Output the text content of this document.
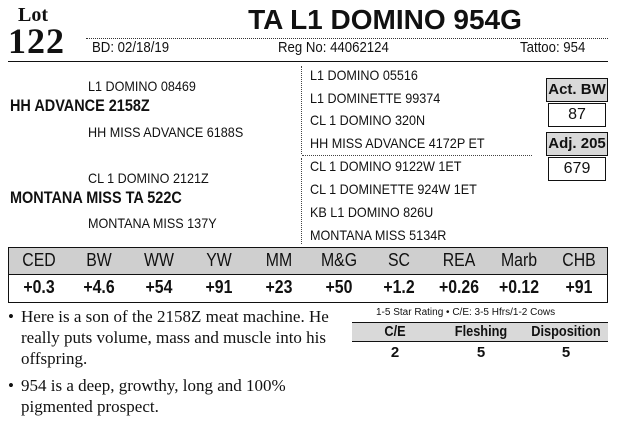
Lot
122
TA L1 DOMINO 954G
BD: 02/18/19	Reg No: 44062124	Tattoo: 954
L1 DOMINO 08469
HH ADVANCE 2158Z
HH MISS ADVANCE 6188S
L1 DOMINO 05516
L1 DOMINETTE 99374
CL 1 DOMINO 320N
HH MISS ADVANCE 4172P ET
CL 1 DOMINO 2121Z
MONTANA MISS TA 522C
MONTANA MISS 137Y
CL 1 DOMINO 9122W 1ET
CL 1 DOMINETTE 924W 1ET
KB L1 DOMINO 826U
MONTANA MISS 5134R
Act. BW
87
Adj. 205
679
CED	BW	WW	YW	MM	M&G	SC	REA	Marb	CHB
+0.3	+4.6	+54	+91	+23	+50	+1.2	+0.26	+0.12	+91
• Here is a son of the 2158Z meat machine. He really puts volume, mass and muscle into his offspring.
• 954 is a deep, growthy, long and 100% pigmented prospect.
1-5 Star Rating • C/E: 3-5 Hfrs/1-2 Cows
C/E	Fleshing	Disposition
2	5	5
